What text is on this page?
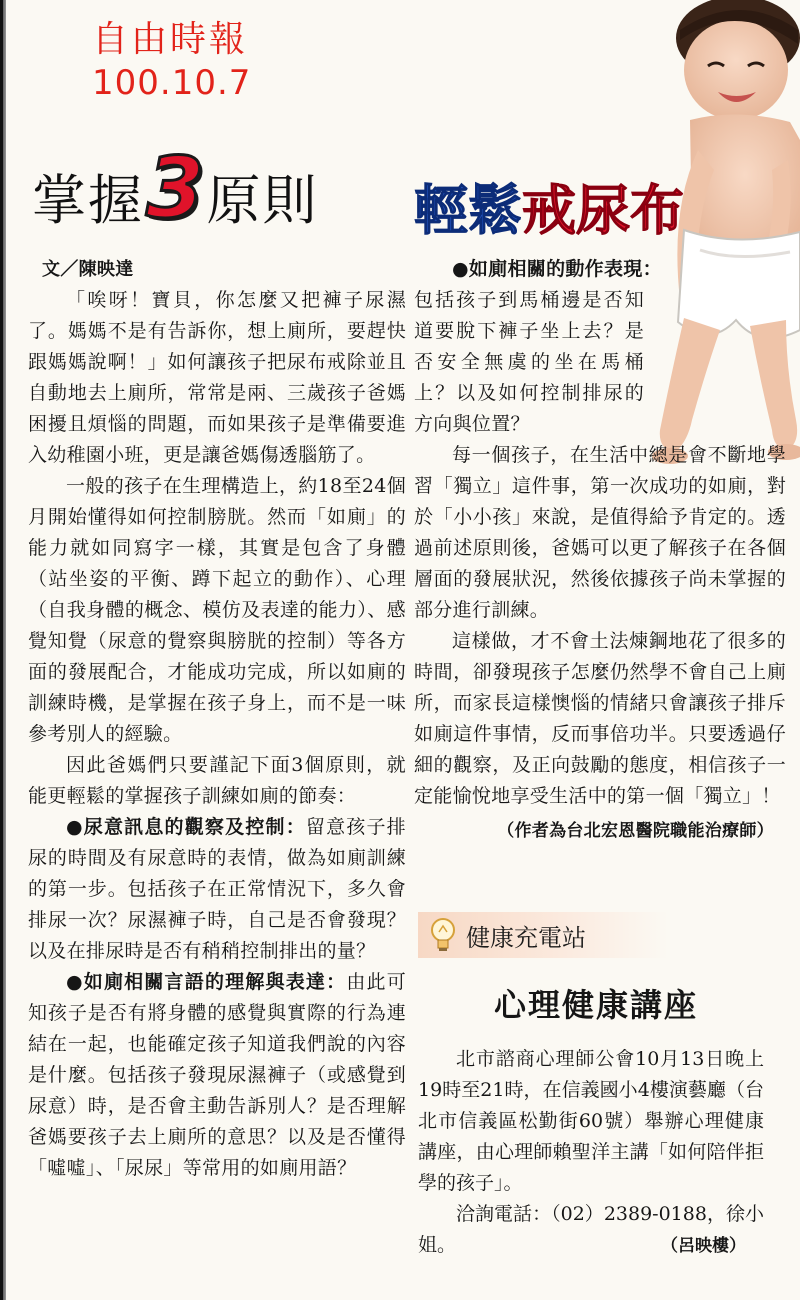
自由時報
100.10.7
掌握 3 原則 輕鬆戒尿布
文／陳映達

「唉呀！寶貝，你怎麼又把褲子尿濕了。媽媽不是有告訴你，想上廁所，要趕快跟媽媽說啊！」如何讓孩子把尿布戒除並且自動地去上廁所，常常是兩、三歲孩子爸媽困擾且煩惱的問題，而如果孩子是準備要進入幼稚園小班，更是讓爸媽傷透腦筋了。

一般的孩子在生理構造上，約18至24個月開始懂得如何控制膀胱。然而「如廁」的能力就如同寫字一樣，其實是包含了身體（站坐姿的平衡、蹲下起立的動作）、心理（自我身體的概念、模仿及表達的能力）、感覺知覺（尿意的覺察與膀胱的控制）等各方面的發展配合，才能成功完成，所以如廁的訓練時機，是掌握在孩子身上，而不是一味參考別人的經驗。

因此爸媽們只要謹記下面3個原則，就能更輕鬆的掌握孩子訓練如廁的節奏：

●尿意訊息的觀察及控制：留意孩子排尿的時間及有尿意時的表情，做為如廁訓練的第一步。包括孩子在正常情況下，多久會排尿一次？尿濕褲子時，自己是否會發現？以及在排尿時是否有稍稍控制排出的量？

●如廁相關言語的理解與表達：由此可知孩子是否有將身體的感覺與實際的行為連結在一起，也能確定孩子知道我們說的內容是什麼。包括孩子發現尿濕褲子（或感覺到尿意）時，是否會主動告訴別人？是否理解爸媽要孩子去上廁所的意思？以及是否懂得「噓噓」、「尿尿」等常用的如廁用語？

●如廁相關的動作表現：

包括孩子到馬桶邊是否知道要脫下褲子坐上去？是否安全無虞的坐在馬桶上？以及如何控制排尿的方向與位置？

每一個孩子，在生活中總是會不斷地學習「獨立」這件事，第一次成功的如廁，對於「小小孩」來說，是值得給予肯定的。透過前述原則後，爸媽可以更了解孩子在各個層面的發展狀況，然後依據孩子尚未掌握的部分進行訓練。

這樣做，才不會土法煉鋼地花了很多的時間，卻發現孩子怎麼仍然學不會自己上廁所，而家長這樣懊惱的情緒只會讓孩子排斥如廁這件事情，反而事倍功半。只要透過仔細的觀察，及正向鼓勵的態度，相信孩子一定能愉悅地享受生活中的第一個「獨立」！

（作者為台北宏恩醫院職能治療師）
健康充電站
心理健康講座

北市諮商心理師公會10月13日晚上19時至21時，在信義國小4樓演藝廳（台北市信義區松勤街60號）舉辦心理健康講座，由心理師賴聖洋主講「如何陪伴拒學的孩子」。

洽詢電話：（02）2389-0188，徐小姐。	（呂映樓）
